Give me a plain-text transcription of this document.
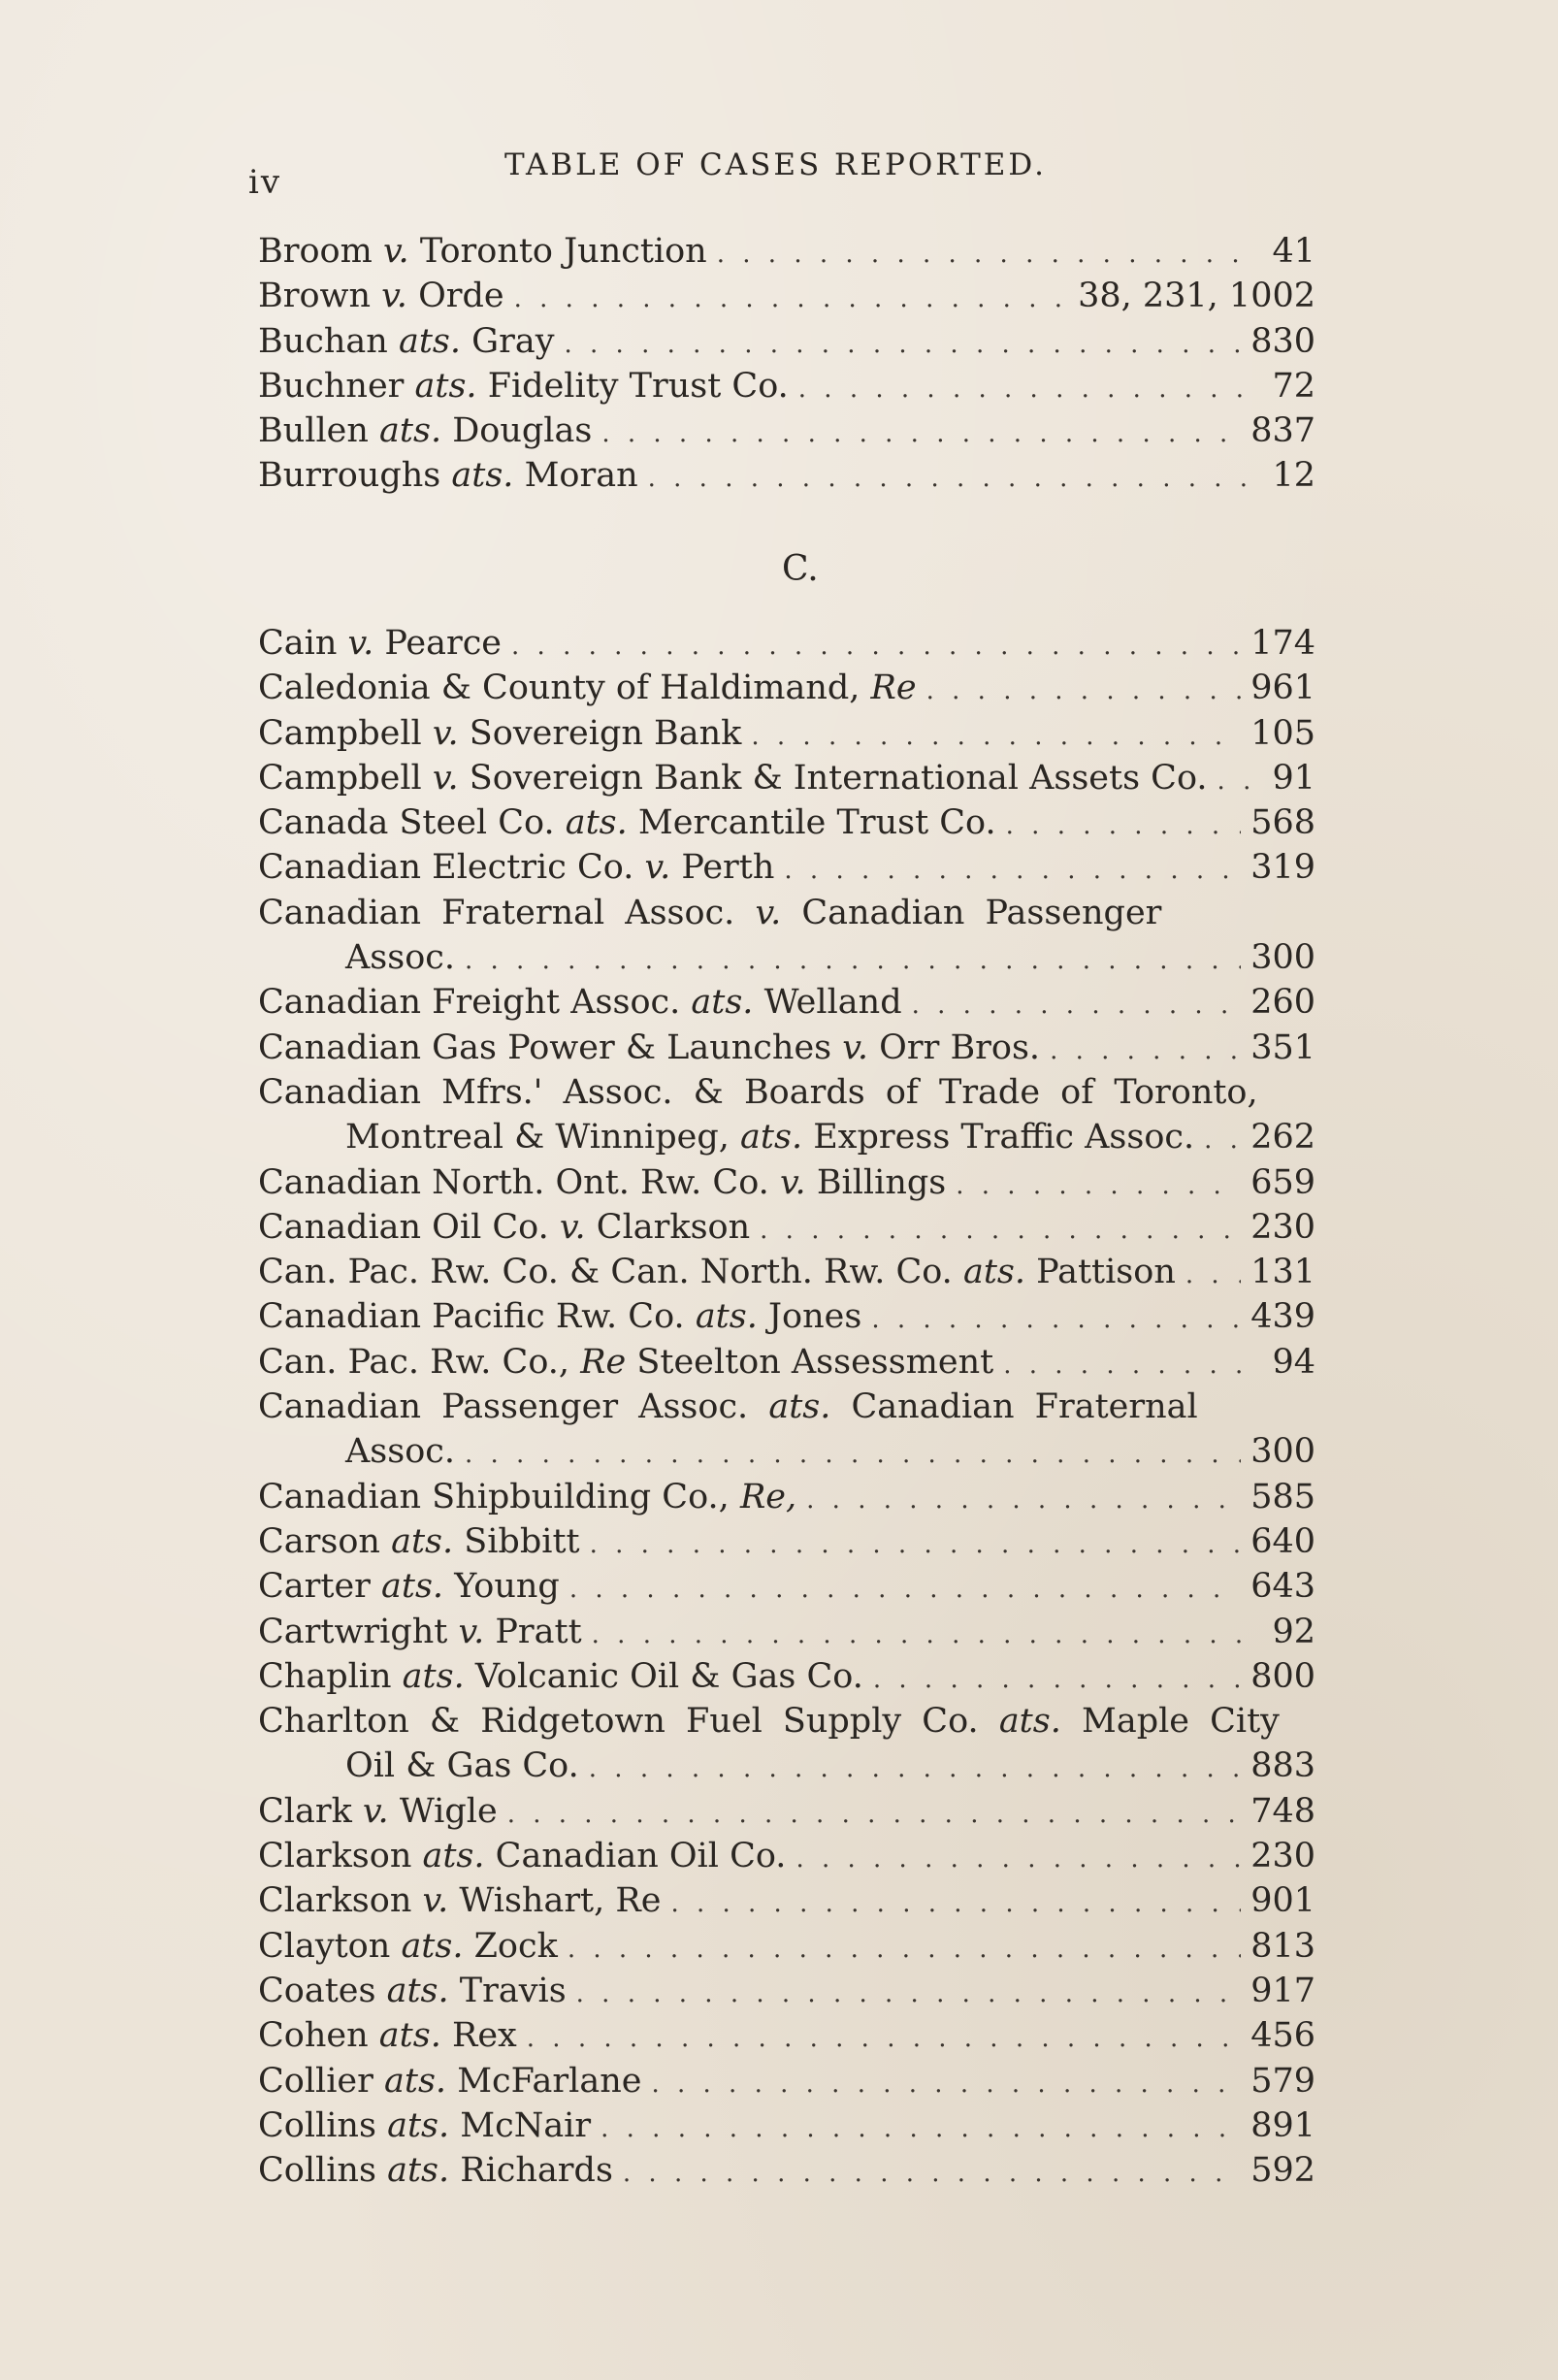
iv	TABLE OF CASES REPORTED.
Broom v. Toronto Junction . . .	41
Brown v. Orde . . .	38, 231, 1002
Buchan ats. Gray . . .	830
Buchner ats. Fidelity Trust Co. . . .	72
Bullen ats. Douglas . . .	837
Burroughs ats. Moran . . .	12
C.
Cain v. Pearce . . .	174
Caledonia & County of Haldimand, Re . . .	961
Campbell v. Sovereign Bank . . .	105
Campbell v. Sovereign Bank & International Assets Co. . . .	91
Canada Steel Co. ats. Mercantile Trust Co. . . .	568
Canadian Electric Co. v. Perth . . .	319
Canadian Fraternal Assoc. v. Canadian Passenger
Assoc. . . .	300
Canadian Freight Assoc. ats. Welland . . .	260
Canadian Gas Power & Launches v. Orr Bros. . . .	351
Canadian Mfrs.' Assoc. & Boards of Trade of Toronto,
Montreal & Winnipeg, ats. Express Traffic Assoc. . . . 262
Canadian North. Ont. Rw. Co. v. Billings . . .	659
Canadian Oil Co. v. Clarkson . . .	230
Can. Pac. Rw. Co. & Can. North. Rw. Co. ats. Pattison . . . 131
Canadian Pacific Rw. Co. ats. Jones . . .	439
Can. Pac. Rw. Co., Re Steelton Assessment . . .	94
Canadian Passenger Assoc. ats. Canadian Fraternal
Assoc. . . .	300
Canadian Shipbuilding Co., Re, . . .	585
Carson ats. Sibbitt . . .	640
Carter ats. Young . . .	643
Cartwright v. Pratt . . .	92
Chaplin ats. Volcanic Oil & Gas Co. . . .	800
Charlton & Ridgetown Fuel Supply Co. ats. Maple City
Oil & Gas Co. . . .	883
Clark v. Wigle . . .	748
Clarkson ats. Canadian Oil Co. . . .	230
Clarkson v. Wishart, Re . . .	901
Clayton ats. Zock . . .	813
Coates ats. Travis . . .	917
Cohen ats. Rex . . .	456
Collier ats. McFarlane . . .	579
Collins ats. McNair . . .	891
Collins ats. Richards . . .	592
